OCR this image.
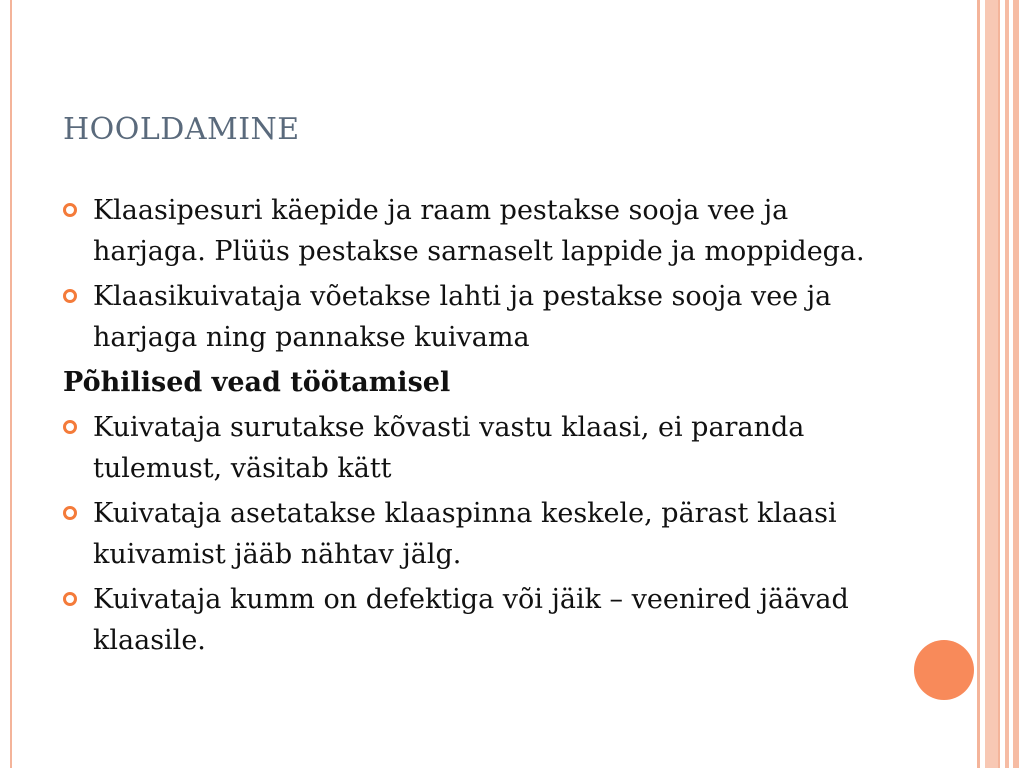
HOOLDAMINE
Klaasipesuri käepide ja raam pestakse sooja vee ja harjaga. Plüüs pestakse sarnaselt lappide ja moppidega.
Klaasikuivataja võetakse lahti ja pestakse sooja vee ja harjaga ning pannakse kuivama
Põhilised vead töötamisel
Kuivataja surutakse kõvasti vastu klaasi, ei paranda tulemust, väsitab kätt
Kuivataja asetatakse klaaspinna keskele, pärast klaasi kuivamist jääb nähtav jälg.
Kuivataja kumm on defektiga või jäik – veenired jäävad klaasile.
